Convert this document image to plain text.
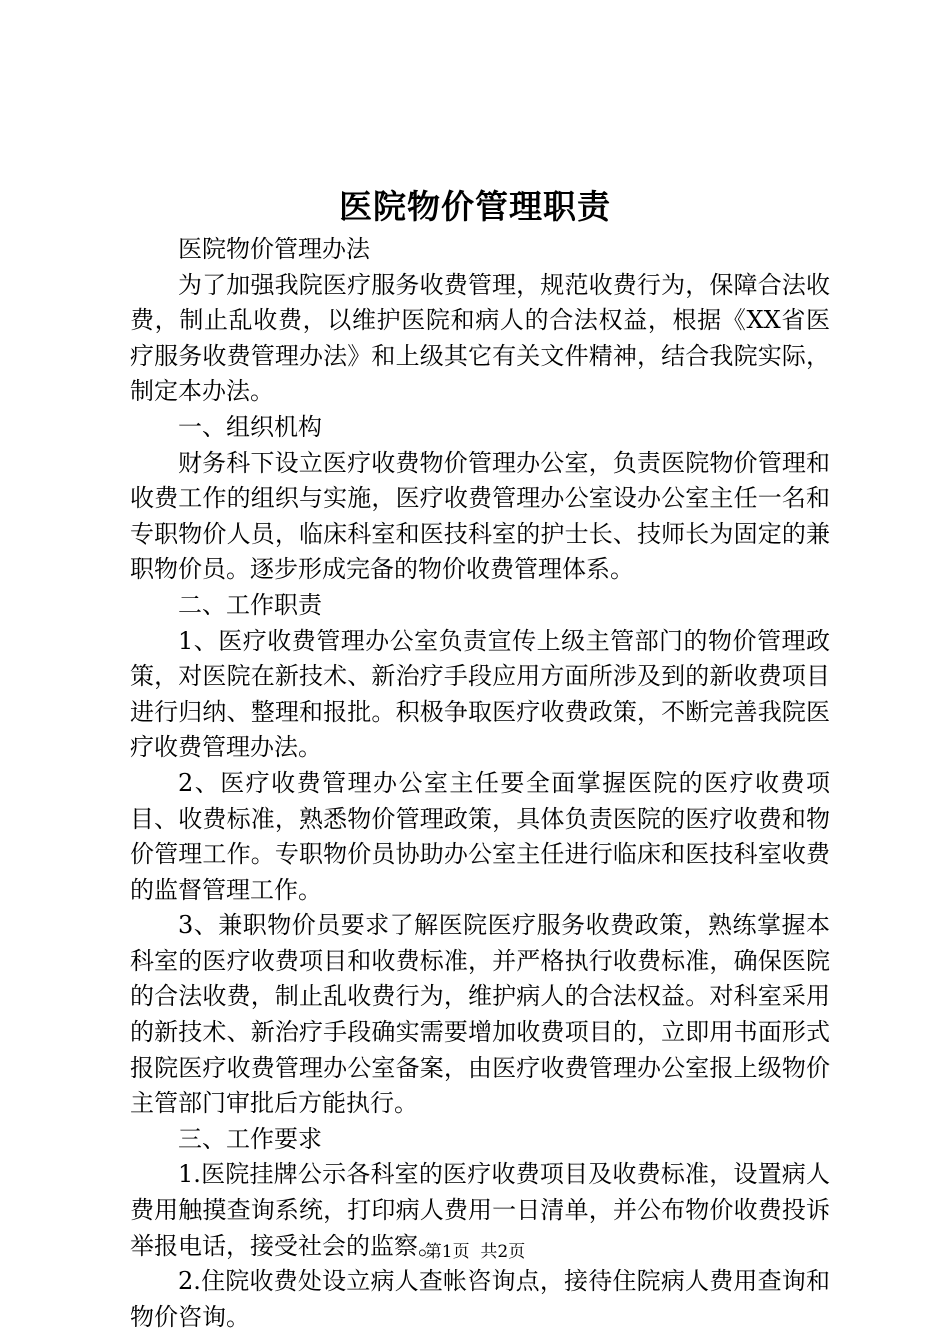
医院物价管理职责

医院物价管理办法

为了加强我院医疗服务收费管理，规范收费行为，保障合法收费，制止乱收费，以维护医院和病人的合法权益，根据《XX省医疗服务收费管理办法》和上级其它有关文件精神，结合我院实际，制定本办法。

一、组织机构

财务科下设立医疗收费物价管理办公室，负责医院物价管理和收费工作的组织与实施，医疗收费管理办公室设办公室主任一名和专职物价人员，临床科室和医技科室的护士长、技师长为固定的兼职物价员。逐步形成完备的物价收费管理体系。

二、工作职责

1、医疗收费管理办公室负责宣传上级主管部门的物价管理政策，对医院在新技术、新治疗手段应用方面所涉及到的新收费项目进行归纳、整理和报批。积极争取医疗收费政策，不断完善我院医疗收费管理办法。

2、医疗收费管理办公室主任要全面掌握医院的医疗收费项目、收费标准，熟悉物价管理政策，具体负责医院的医疗收费和物价管理工作。专职物价员协助办公室主任进行临床和医技科室收费的监督管理工作。

3、兼职物价员要求了解医院医疗服务收费政策，熟练掌握本科室的医疗收费项目和收费标准，并严格执行收费标准，确保医院的合法收费，制止乱收费行为，维护病人的合法权益。对科室采用的新技术、新治疗手段确实需要增加收费项目的，立即用书面形式报院医疗收费管理办公室备案，由医疗收费管理办公室报上级物价主管部门审批后方能执行。

三、工作要求

1.医院挂牌公示各科室的医疗收费项目及收费标准，设置病人费用触摸查询系统，打印病人费用一日清单，并公布物价收费投诉举报电话，接受社会的监察。

2.住院收费处设立病人查帐咨询点，接待住院病人费用查询和物价咨询。

第1页  共2页
